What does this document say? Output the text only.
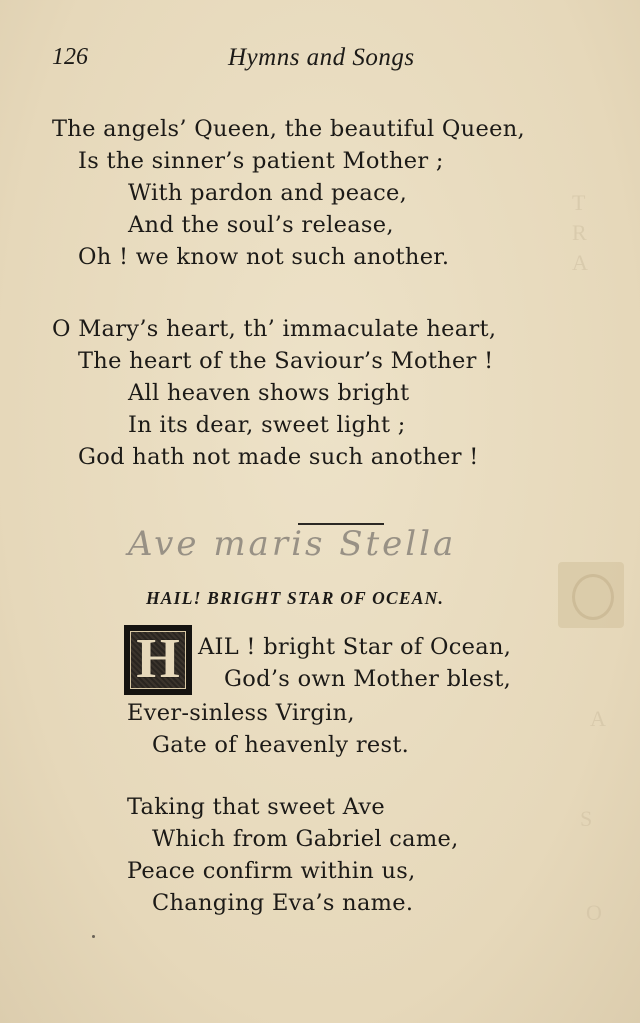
T
R
A
A
S
O
126	Hymns and Songs
The angels’ Queen, the beautiful Queen,
Is the sinner’s patient Mother ;
With pardon and peace,
And the soul’s release,
Oh ! we know not such another.
O Mary’s heart, th’ immaculate heart,
The heart of the Saviour’s Mother !
All heaven shows bright
In its dear, sweet light ;
God hath not made such another !
Ave maris Stella
HAIL! BRIGHT STAR OF OCEAN.
H AIL ! bright Star of Ocean,
God’s own Mother blest,
Ever-sinless Virgin,
Gate of heavenly rest.
Taking that sweet Ave
Which from Gabriel came,
Peace confirm within us,
Changing Eva’s name.
